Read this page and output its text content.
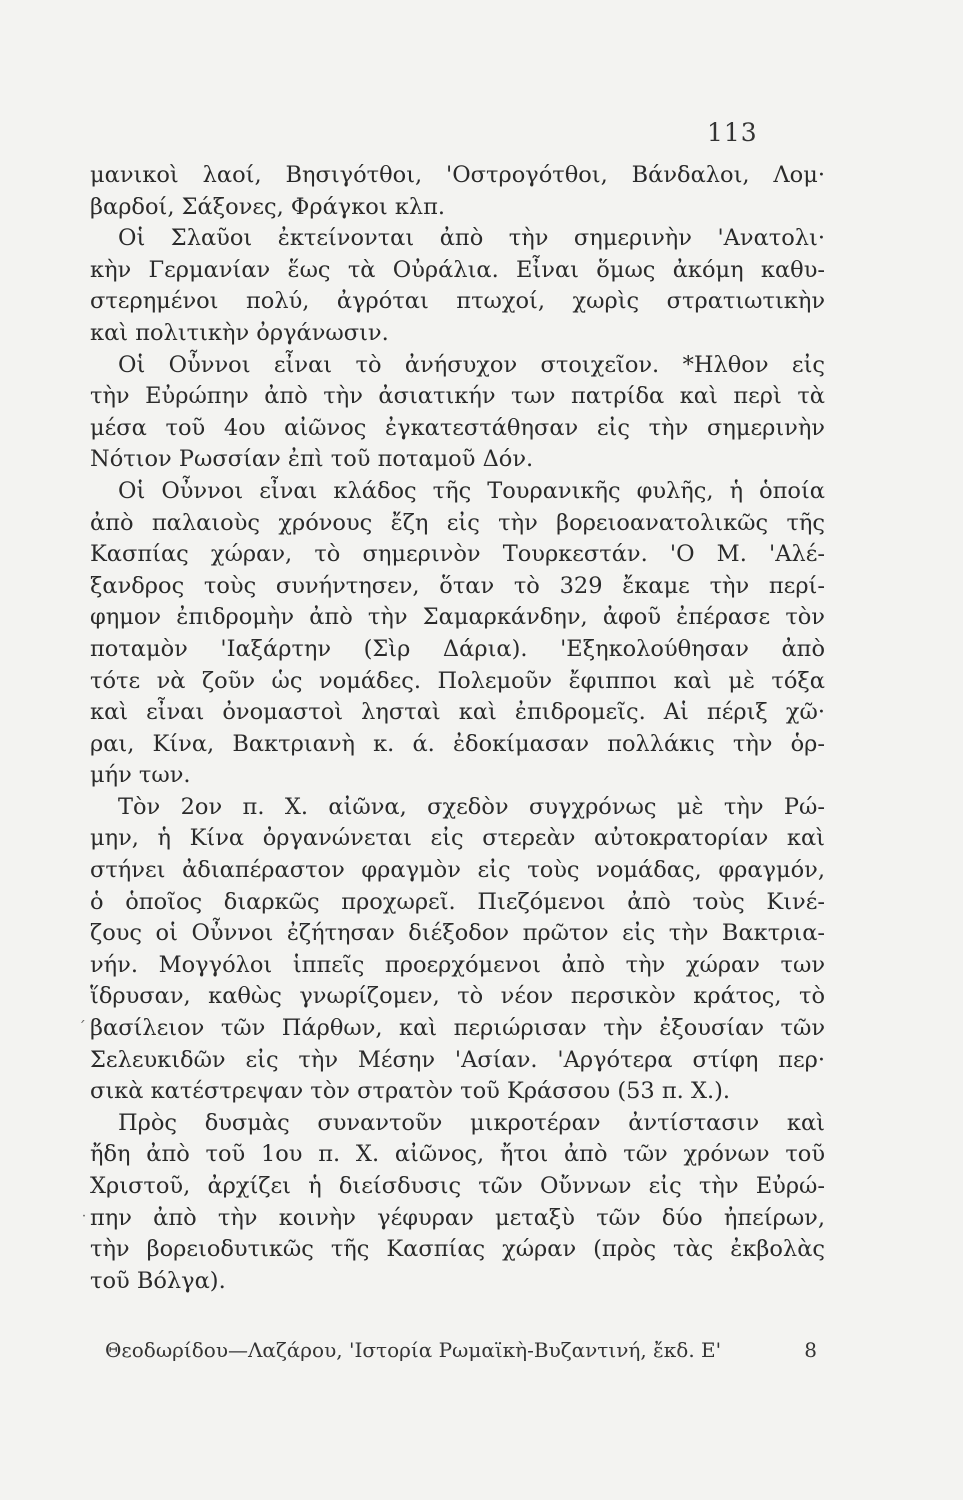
113
´
˙
μανικοὶ λαοί, Βησιγότθοι, 'Οστρογότθοι, Βάνδαλοι, Λομ·
βαρδοί, Σάξονες, Φράγκοι κλπ.
Οἱ Σλαῦοι ἐκτείνονται ἀπὸ τὴν σημερινὴν 'Ανατολι·
κὴν Γερμανίαν ἕως τὰ Οὐράλια. Εἶναι ὅμως ἀκόμη καθυ-
στερημένοι πολύ, ἀγρόται πτωχοί, χωρὶς στρατιωτικὴν
καὶ πολιτικὴν ὀργάνωσιν.
Οἱ Οὖννοι εἶναι τὸ ἀνήσυχον στοιχεῖον. *Ηλθον εἰς
τὴν Εὐρώπην ἀπὸ τὴν ἀσιατικήν των πατρίδα καὶ περὶ τὰ
μέσα τοῦ 4ου αἰῶνος ἐγκατεστάθησαν εἰς τὴν σημερινὴν
Νότιον Ρωσσίαν ἐπὶ τοῦ ποταμοῦ Δόν.
Οἱ Οὖννοι εἶναι κλάδος τῆς Τουρανικῆς φυλῆς, ἡ ὁποία
ἀπὸ παλαιοὺς χρόνους ἔζη εἰς τὴν βορειοανατολικῶς τῆς
Κασπίας χώραν, τὸ σημερινὸν Τουρκεστάν. 'Ο Μ. 'Αλέ-
ξανδρος τοὺς συνήντησεν, ὅταν τὸ 329 ἔκαμε τὴν περί-
φημον ἐπιδρομὴν ἀπὸ τὴν Σαμαρκάνδην, ἀφοῦ ἐπέρασε τὸν
ποταμὸν 'Ιαξάρτην (Σὶρ Δάρια). 'Εξηκολούθησαν ἀπὸ
τότε νὰ ζοῦν ὡς νομάδες. Πολεμοῦν ἔφιπποι καὶ μὲ τόξα
καὶ εἶναι ὀνομαστοὶ λησταὶ καὶ ἐπιδρομεῖς. Αἱ πέριξ χῶ·
ραι, Κίνα, Βακτριανὴ κ. ά. ἐδοκίμασαν πολλάκις τὴν ὁρ-
μήν των.
Τὸν 2ον π. Χ. αἰῶνα, σχεδὸν συγχρόνως μὲ τὴν Ρώ-
μην, ἡ Κίνα ὀργανώνεται εἰς στερεὰν αὐτοκρατορίαν καὶ
στήνει ἀδιαπέραστον φραγμὸν εἰς τοὺς νομάδας, φραγμόν,
ὁ ὁποῖος διαρκῶς προχωρεῖ. Πιεζόμενοι ἀπὸ τοὺς Κινέ-
ζους οἱ Οὖννοι ἐζήτησαν διέξοδον πρῶτον εἰς τὴν Βακτρια-
νήν. Μογγόλοι ἱππεῖς προερχόμενοι ἀπὸ τὴν χώραν των
ἵδρυσαν, καθὼς γνωρίζομεν, τὸ νέον περσικὸν κράτος, τὸ
βασίλειον τῶν Πάρθων, καὶ περιώρισαν τὴν ἐξουσίαν τῶν
Σελευκιδῶν εἰς τὴν Μέσην 'Ασίαν. 'Αργότερα στίφη περ·
σικὰ κατέστρεψαν τὸν στρατὸν τοῦ Κράσσου (53 π. Χ.).
Πρὸς δυσμὰς συναντοῦν μικροτέραν ἀντίστασιν καὶ
ἤδη ἀπὸ τοῦ 1ου π. Χ. αἰῶνος, ἤτοι ἀπὸ τῶν χρόνων τοῦ
Χριστοῦ, ἀρχίζει ἡ διείσδυσις τῶν Οὔννων εἰς τὴν Εὐρώ-
πην ἀπὸ τὴν κοινὴν γέφυραν μεταξὺ τῶν δύο ἠπείρων,
τὴν βορειοδυτικῶς τῆς Κασπίας χώραν (πρὸς τὰς ἐκβολὰς
τοῦ Βόλγα).
Θεοδωρίδου—Λαζάρου, 'Ιστορία Ρωμαϊκὴ-Βυζαντινή, ἔκδ. Ε'	8
